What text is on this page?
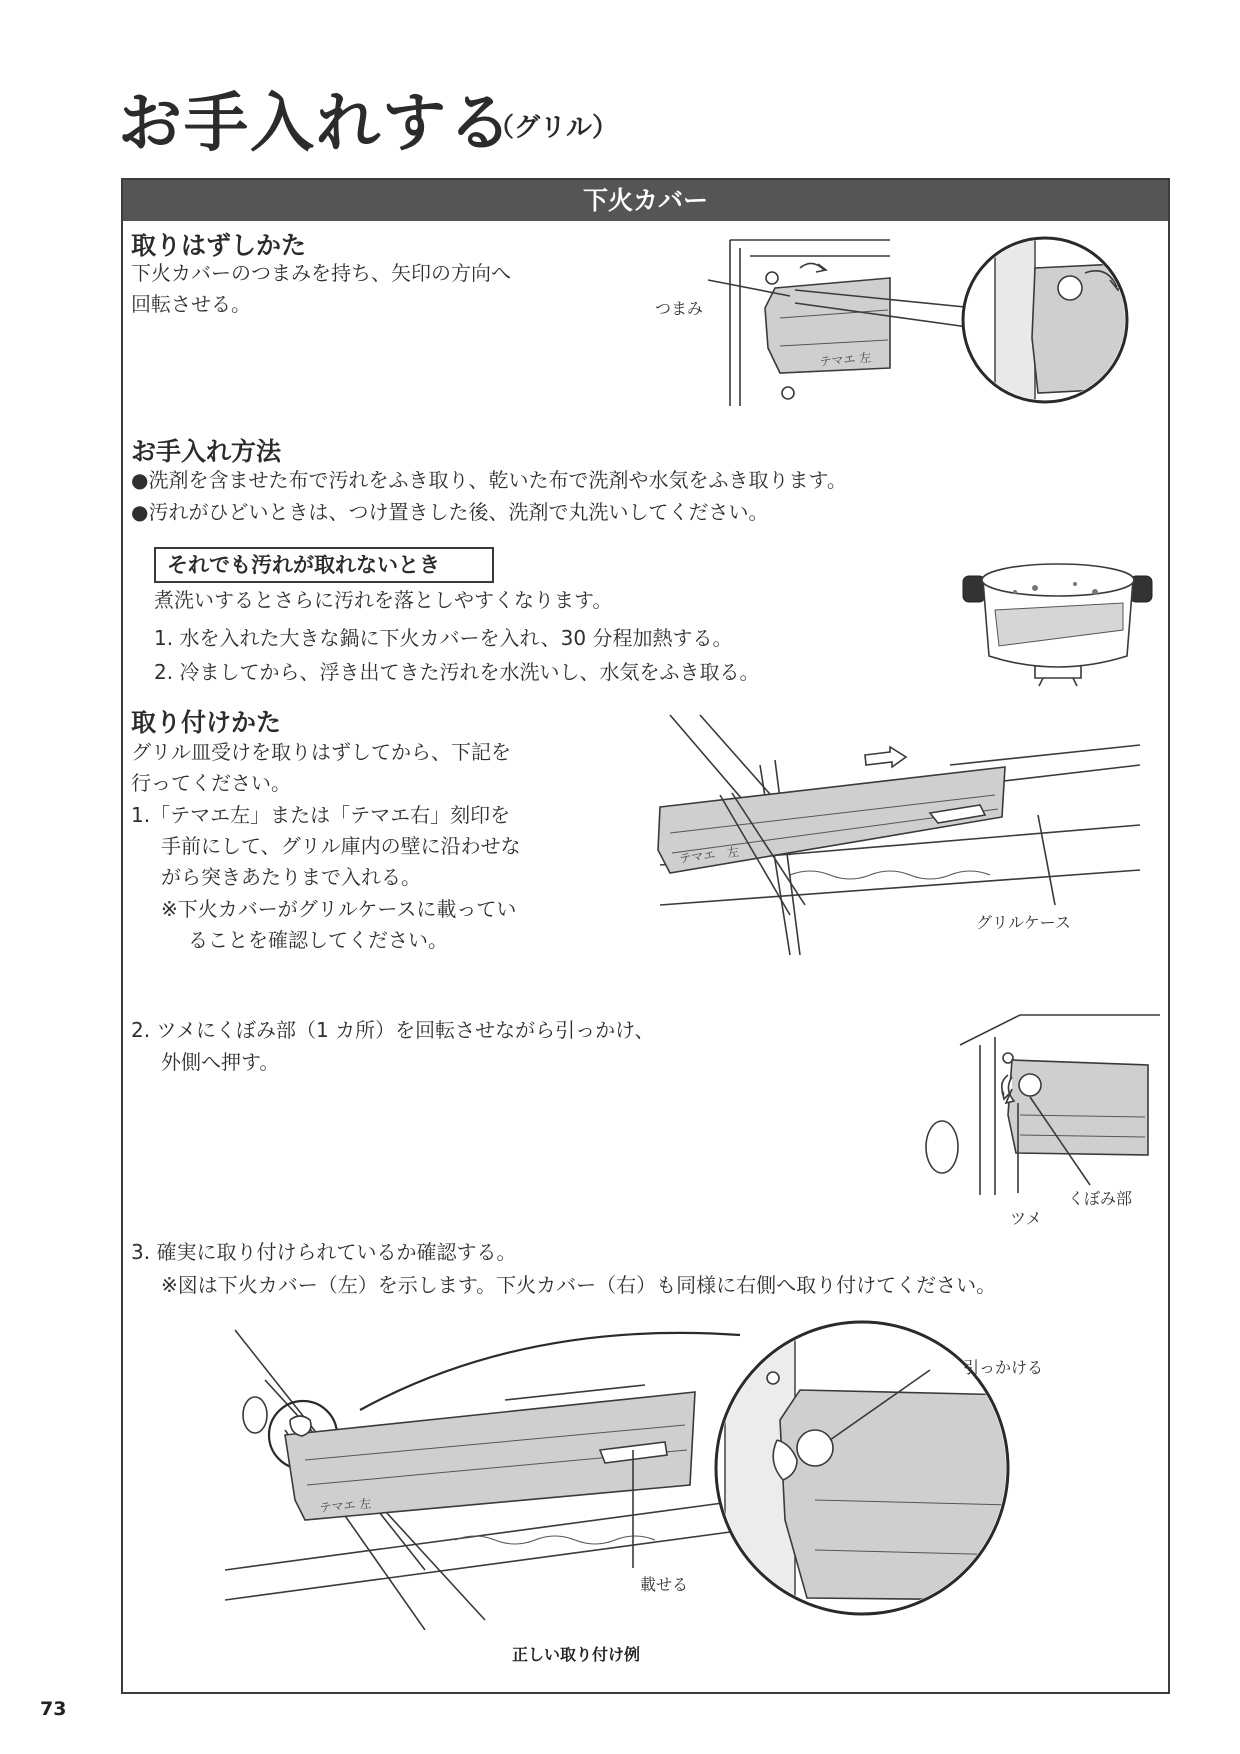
お手入れする
（グリル）
下火カバー
取りはずしかた
下火カバーのつまみを持ち、矢印の方向へ
回転させる。
テマエ 左
つまみ
お手入れ方法
●洗剤を含ませた布で汚れをふき取り、乾いた布で洗剤や水気をふき取ります。
●汚れがひどいときは、つけ置きした後、洗剤で丸洗いしてください。
それでも汚れが取れないとき
煮洗いするとさらに汚れを落としやすくなります。
1. 水を入れた大きな鍋に下火カバーを入れ、30 分程加熱する。
2. 冷ましてから、浮き出てきた汚れを水洗いし、水気をふき取る。
取り付けかた
グリル皿受けを取りはずしてから、下記を
行ってください。
1.「テマエ左」または「テマエ右」刻印を
手前にして、グリル庫内の壁に沿わせな
がら突きあたりまで入れる。
※下火カバーがグリルケースに載ってい
ることを確認してください。
テマエ　左
グリルケース
2. ツメにくぼみ部（1 カ所）を回転させながら引っかけ、
外側へ押す。
ツメ
くぼみ部
3. 確実に取り付けられているか確認する。
※図は下火カバー（左）を示します。下火カバー（右）も同様に右側へ取り付けてください。
テマエ 左
引っかける
載せる
正しい取り付け例
73
